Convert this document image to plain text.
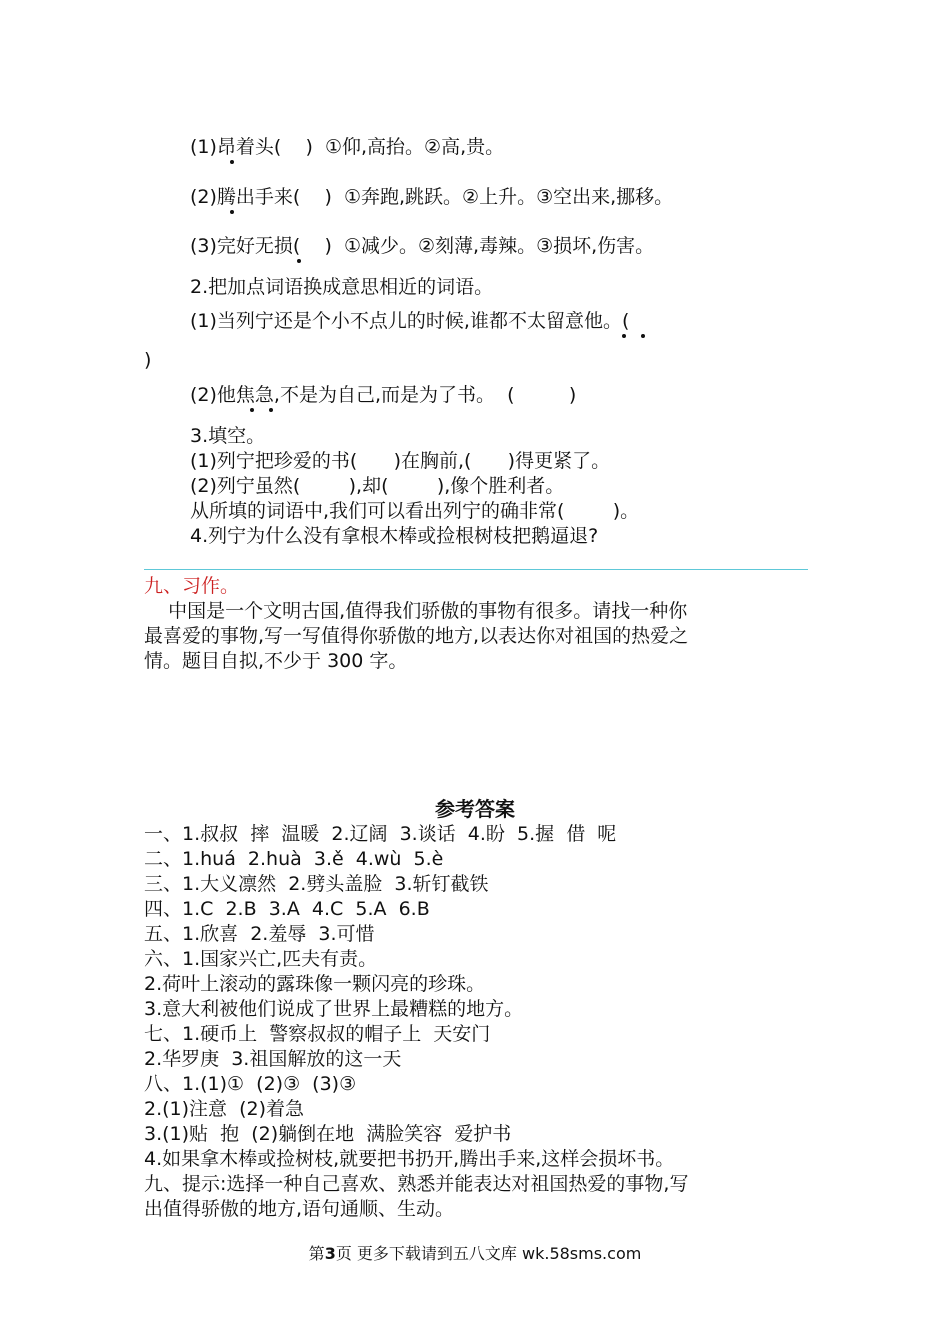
(1)昂着头(    )  ①仰,高抬。②高,贵。
(2)腾出手来(    )  ①奔跑,跳跃。②上升。③空出来,挪移。
(3)完好无损(    )  ①减少。②刻薄,毒辣。③损坏,伤害。
2.把加点词语换成意思相近的词语。
(1)当列宁还是个小不点儿的时候,谁都不太留意他。(
)
(2)他焦急,不是为自己,而是为了书。  (         )
3.填空。
(1)列宁把珍爱的书(      )在胸前,(      )得更紧了。
(2)列宁虽然(        ),却(        ),像个胜利者。
从所填的词语中,我们可以看出列宁的确非常(        )。
4.列宁为什么没有拿根木棒或捡根树枝把鹅逼退?
九、习作。
中国是一个文明古国,值得我们骄傲的事物有很多。请找一种你
最喜爱的事物,写一写值得你骄傲的地方,以表达你对祖国的热爱之
情。题目自拟,不少于 300 字。
参考答案
一、1.叔叔  摔  温暖  2.辽阔  3.谈话  4.盼  5.握  借  呢
二、1.huá  2.huà  3.ě  4.wù  5.è
三、1.大义凛然  2.劈头盖脸  3.斩钉截铁
四、1.C  2.B  3.A  4.C  5.A  6.B
五、1.欣喜  2.羞辱  3.可惜
六、1.国家兴亡,匹夫有责。
2.荷叶上滚动的露珠像一颗闪亮的珍珠。
3.意大利被他们说成了世界上最糟糕的地方。
七、1.硬币上  警察叔叔的帽子上  天安门
2.华罗庚  3.祖国解放的这一天
八、1.(1)①  (2)③  (3)③
2.(1)注意  (2)着急
3.(1)贴  抱  (2)躺倒在地  满脸笑容  爱护书
4.如果拿木棒或捡树枝,就要把书扔开,腾出手来,这样会损坏书。
九、提示:选择一种自己喜欢、熟悉并能表达对祖国热爱的事物,写
出值得骄傲的地方,语句通顺、生动。
第3页 更多下载请到五八文库 wk.58sms.com
